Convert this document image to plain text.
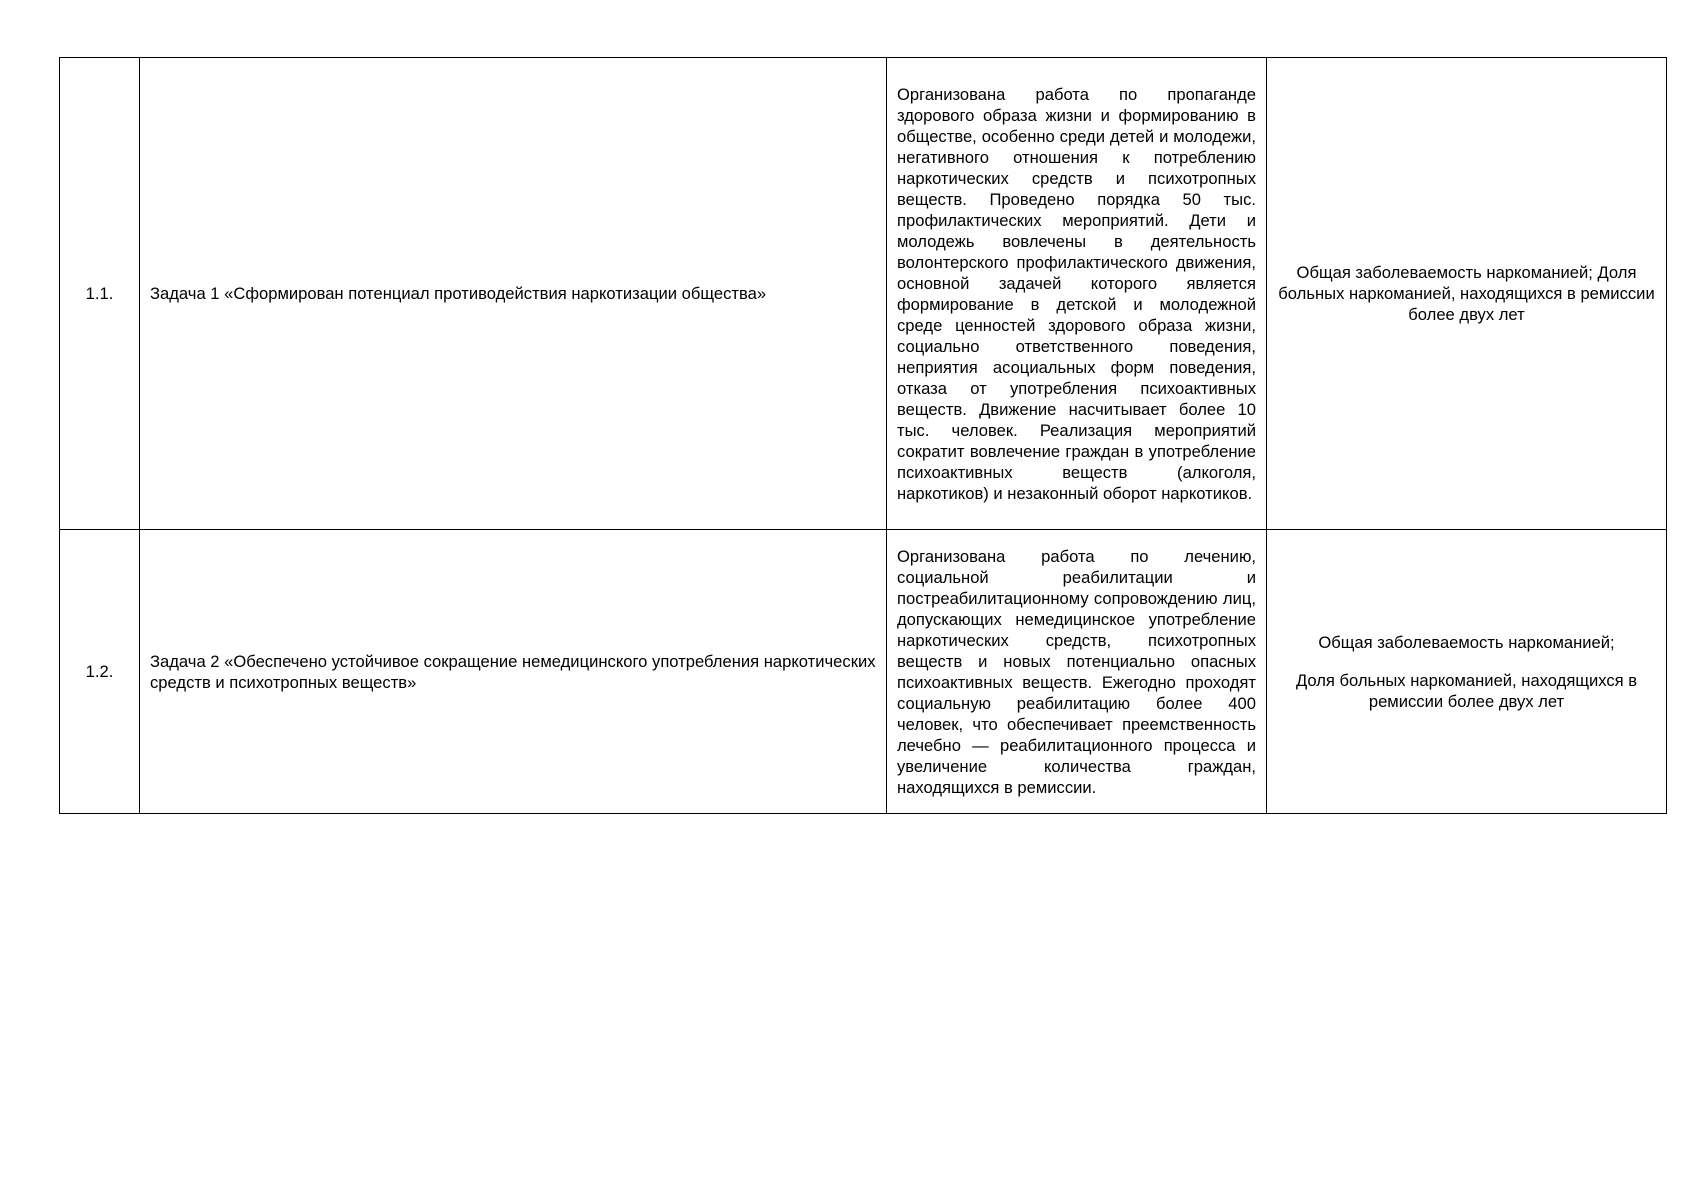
1.1.	Задача 1 «Сформирован потенциал противодействия наркотизации общества»	Организована работа по пропаганде здорового образа жизни и формированию в обществе, особенно среди детей и молодежи, негативного отношения к потреблению наркотических средств и психотропных веществ. Проведено порядка 50 тыс. профилактических мероприятий. Дети и молодежь вовлечены в деятельность волонтерского профилактического движения, основной задачей которого является формирование в детской и молодежной среде ценностей здорового образа жизни, социально ответственного поведения, неприятия асоциальных форм поведения, отказа от употребления психоактивных веществ. Движение насчитывает более 10 тыс. человек. Реализация мероприятий сократит вовлечение граждан в употребление психоактивных веществ (алкоголя, наркотиков) и незаконный оборот наркотиков.	Общая заболеваемость наркоманией; Доля больных наркоманией, находящихся в ремиссии более двух лет
1.2.	Задача 2 «Обеспечено устойчивое сокращение немедицинского употребления наркотических средств и психотропных веществ»	Организована работа по лечению, социальной реабилитации и постреабилитационному сопровождению лиц, допускающих немедицинское употребление наркотических средств, психотропных веществ и новых потенциально опасных психоактивных веществ. Ежегодно проходят социальную реабилитацию более 400 человек, что обеспечивает преемственность лечебно — реабилитационного процесса и увеличение количества граждан, находящихся в ремиссии.	Общая заболеваемость наркоманией;
Доля больных наркоманией, находящихся в ремиссии более двух лет
